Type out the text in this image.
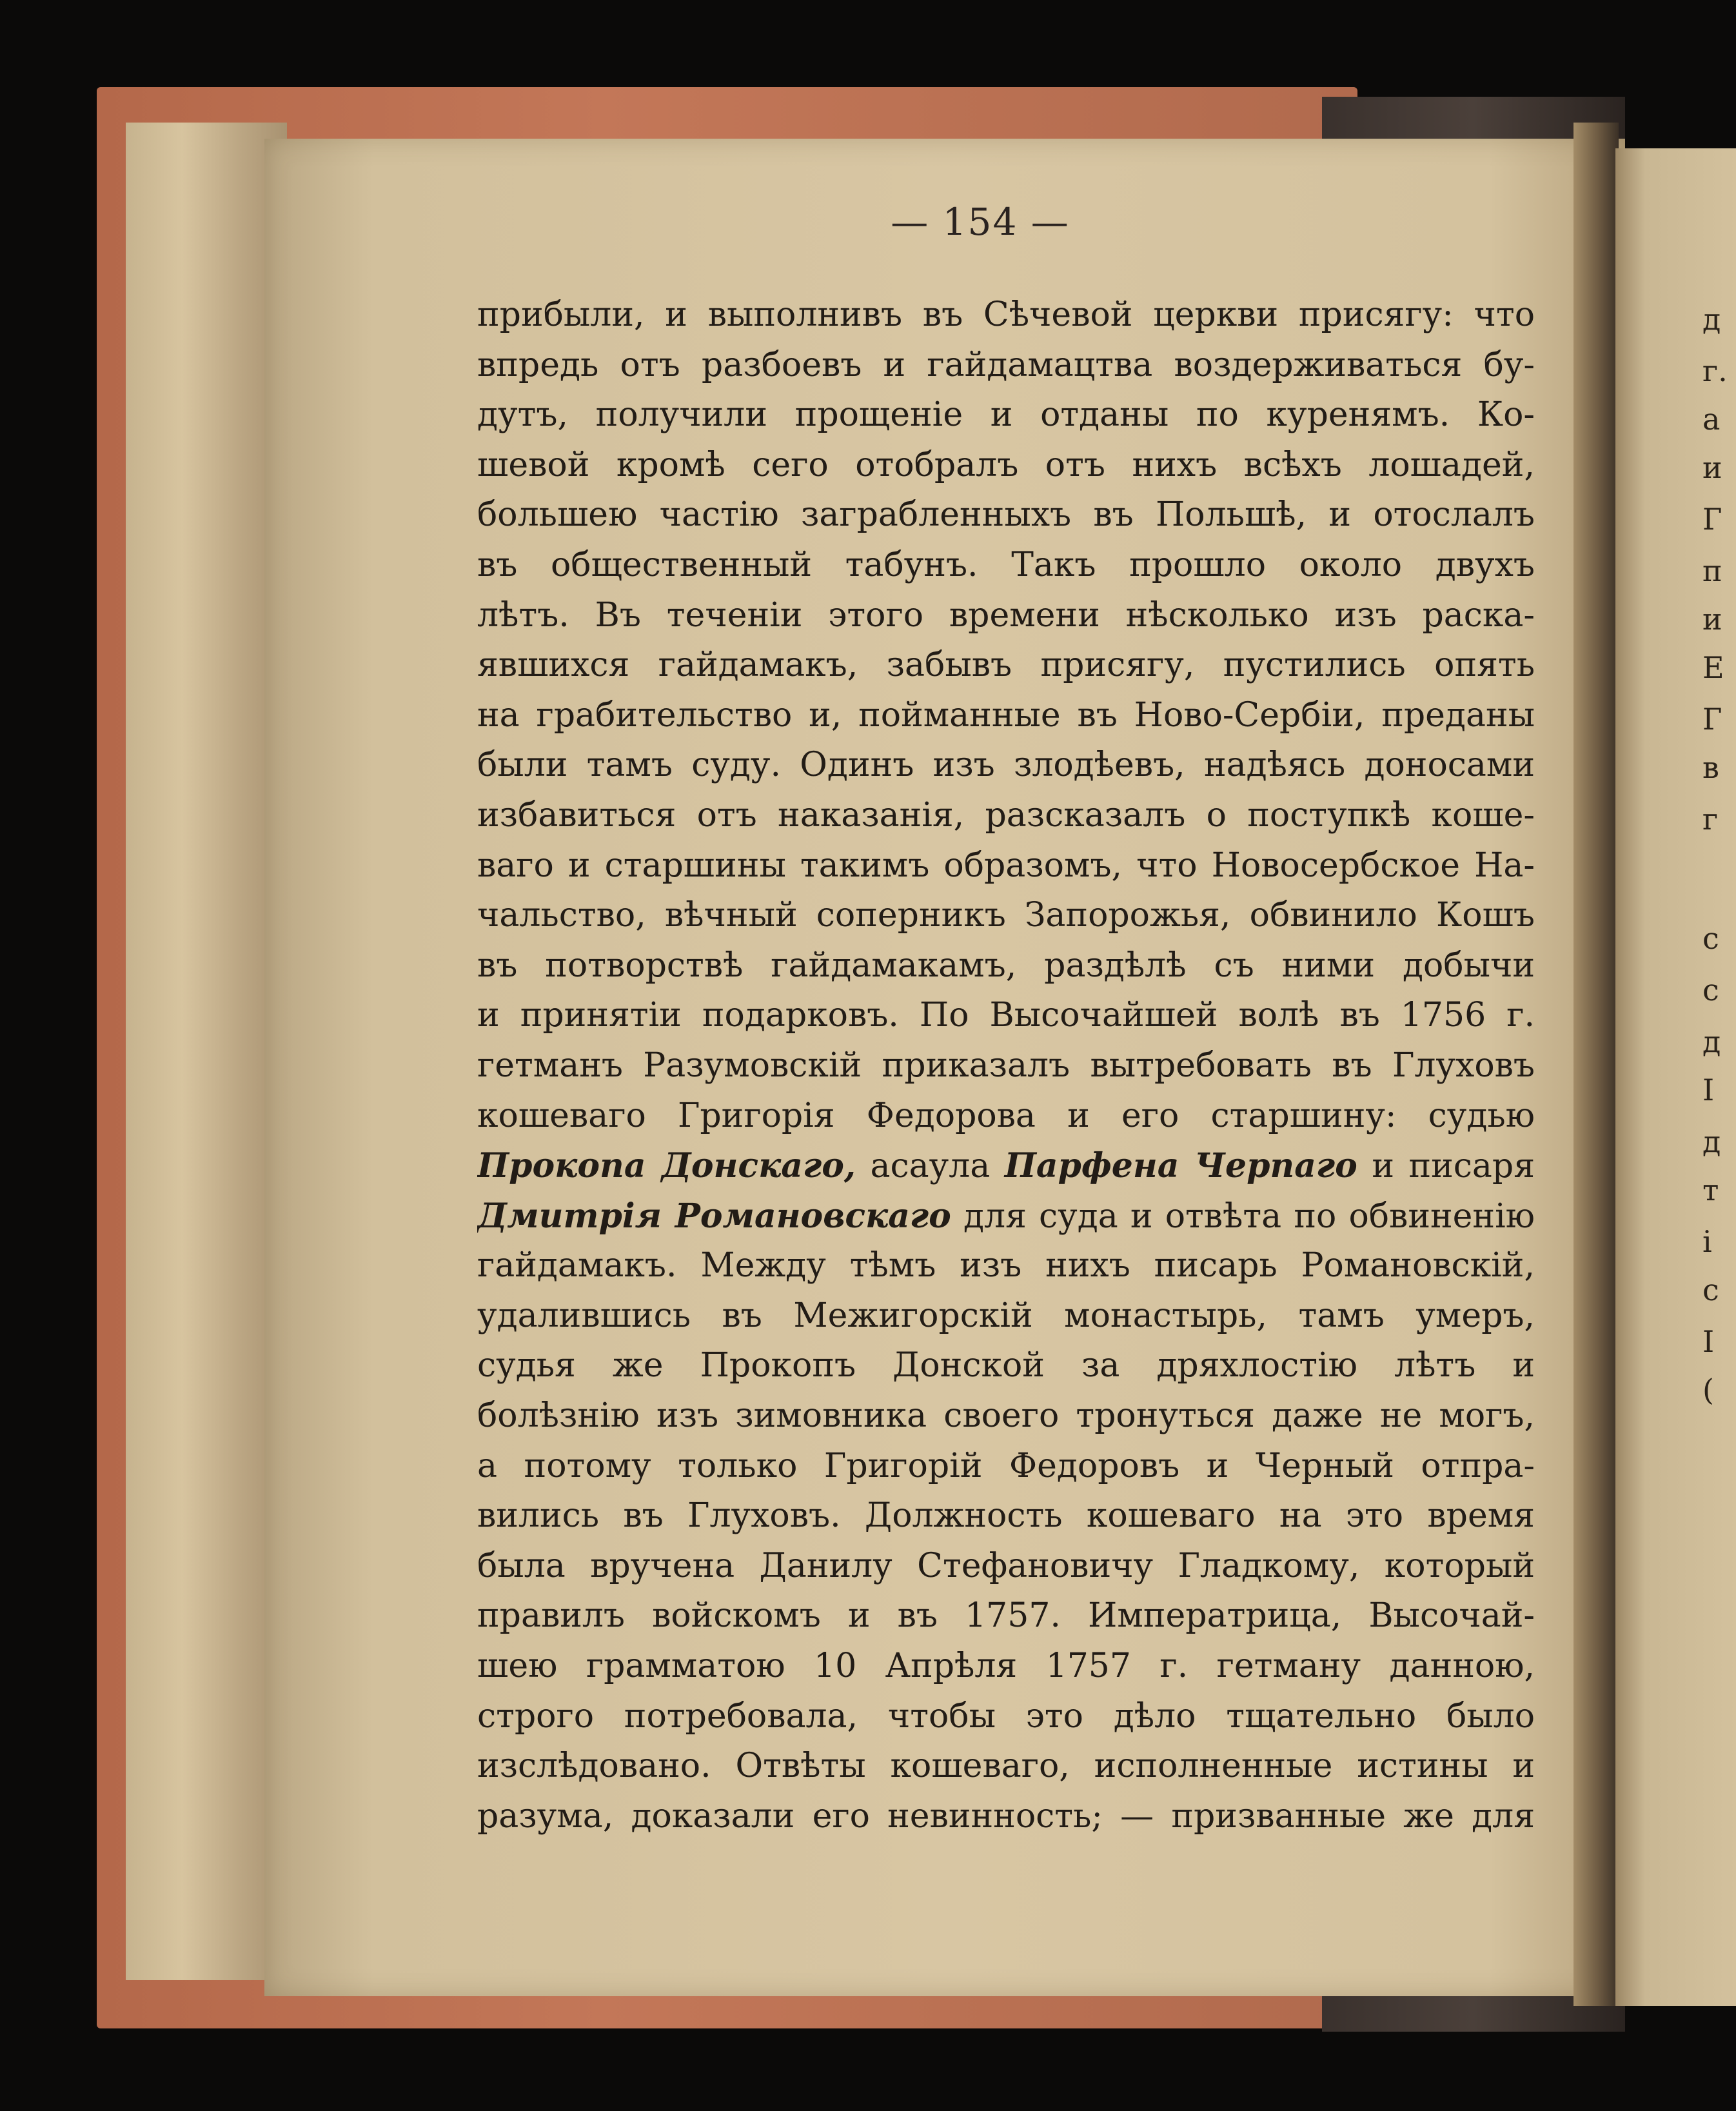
д
г.
а
и
Г
п
и
Е
Г
в
г
с
с
д
I
д
т
i
с
I
(
— 154 —
прибыли, и выполнивъ въ Сѣчевой церкви присягу: что
впредь отъ разбоевъ и гайдамацтва воздерживаться бу-
дутъ, получили прощеніе и отданы по куренямъ. Ко-
шевой кромѣ сего отобралъ отъ нихъ всѣхъ лошадей,
большею частію заграбленныхъ въ Польшѣ, и отослалъ
въ общественный табунъ. Такъ прошло около двухъ
лѣтъ. Въ теченіи этого времени нѣсколько изъ раска-
явшихся гайдамакъ, забывъ присягу, пустились опять
на грабительство и, пойманные въ Ново-Сербіи, преданы
были тамъ суду. Одинъ изъ злодѣевъ, надѣясь доносами
избавиться отъ наказанія, разсказалъ о поступкѣ коше-
ваго и старшины такимъ образомъ, что Новосербское На-
чальство, вѣчный соперникъ Запорожья, обвинило Кошъ
въ потворствѣ гайдамакамъ, раздѣлѣ съ ними добычи
и принятіи подарковъ. По Высочайшей волѣ въ 1756 г.
гетманъ Разумовскій приказалъ вытребовать въ Глуховъ
кошеваго Григорія Федорова и его старшину: судью
Прокопа Донскаго, асаула Парфена Черпаго и писаря
Дмитрія Романовскаго для суда и отвѣта по обвиненію
гайдамакъ. Между тѣмъ изъ нихъ писарь Романовскій,
удалившись въ Межигорскій монастырь, тамъ умеръ,
судья же Прокопъ Донской за дряхлостію лѣтъ и
болѣзнію изъ зимовника своего тронуться даже не могъ,
а потому только Григорій Федоровъ и Черный отпра-
вились въ Глуховъ. Должность кошеваго на это время
была вручена Данилу Стефановичу Гладкому, который
правилъ войскомъ и въ 1757. Императрица, Высочай-
шею грамматою 10 Апрѣля 1757 г. гетману данною,
строго потребовала, чтобы это дѣло тщательно было
изслѣдовано. Отвѣты кошеваго, исполненные истины и
разума, доказали его невинность; — призванные же для
